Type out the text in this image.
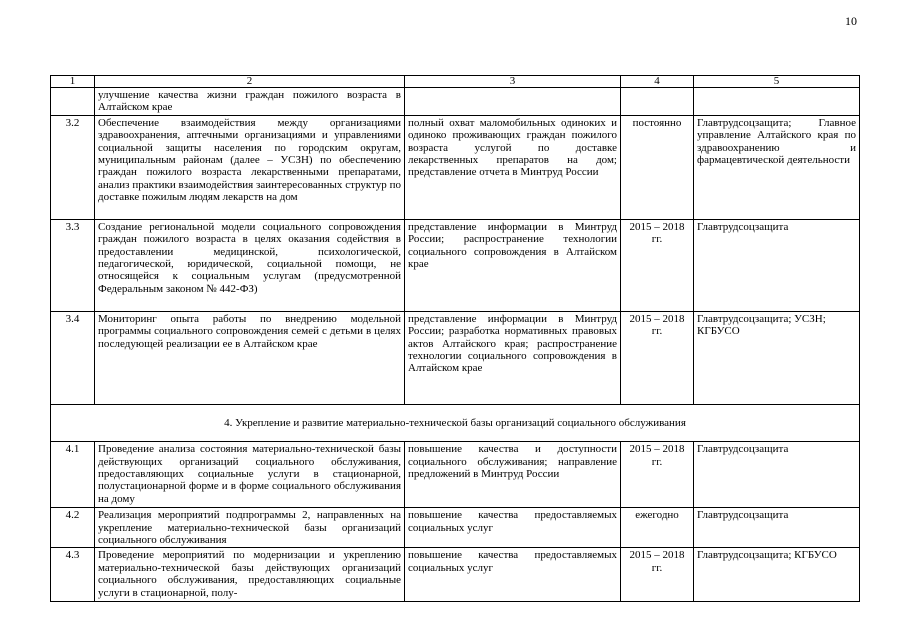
10
1	2	3	4	5
	улучшение качества жизни граждан пожилого возраста в Алтайском крае			
3.2	Обеспечение взаимодействия между организациями здравоохранения, аптечными организациями и управлениями социальной защиты населения по городским округам, муниципальным районам (далее – УСЗН) по обеспечению граждан пожилого возраста лекарственными препаратами, анализ практики взаимодействия заинтересованных структур по доставке пожилым людям лекарств на дом	полный охват маломобильных одиноких и одиноко проживающих граждан пожилого возраста услугой по доставке лекарственных препаратов на дом; представление отчета в Минтруд России	постоянно	Главтрудсоцзащита; Главное управление Алтайского края по здравоохранению и фармацевтической деятельности
3.3	Создание региональной модели социального сопровождения граждан пожилого возраста в целях оказания содействия в предоставлении медицинской, психологической, педагогической, юридической, социальной помощи, не относящейся к социальным услугам (предусмотренной Федеральным законом № 442-ФЗ)	представление информации в Минтруд России; распространение технологии социального сопровождения в Алтайском крае	2015 – 2018 гг.	Главтрудсоцзащита
3.4	Мониторинг опыта работы по внедрению модельной программы социального сопровождения семей с детьми в целях последующей реализации ее в Алтайском крае	представление информации в Минтруд России; разработка нормативных правовых актов Алтайского края; распространение технологии социального сопровождения в Алтайском крае	2015 – 2018 гг.	Главтрудсоцзащита; УСЗН; КГБУСО
4. Укрепление и развитие материально-технической базы организаций социального обслуживания				
4.1	Проведение анализа состояния материально-технической базы действующих организаций социального обслуживания, предоставляющих социальные услуги в стационарной, полустационарной форме и в форме социального обслуживания на дому	повышение качества и доступности социального обслуживания; направление предложений в Минтруд России	2015 – 2018 гг.	Главтрудсоцзащита
4.2	Реализация мероприятий подпрограммы 2, направленных на укрепление материально-технической базы организаций социального обслуживания	повышение качества предоставляемых социальных услуг	ежегодно	Главтрудсоцзащита
4.3	Проведение мероприятий по модернизации и укреплению материально-технической базы действующих организаций социального обслуживания, предоставляющих социальные услуги в стационарной, полу-	повышение качества предоставляемых социальных услуг	2015 – 2018 гг.	Главтрудсоцзащита; КГБУСО
